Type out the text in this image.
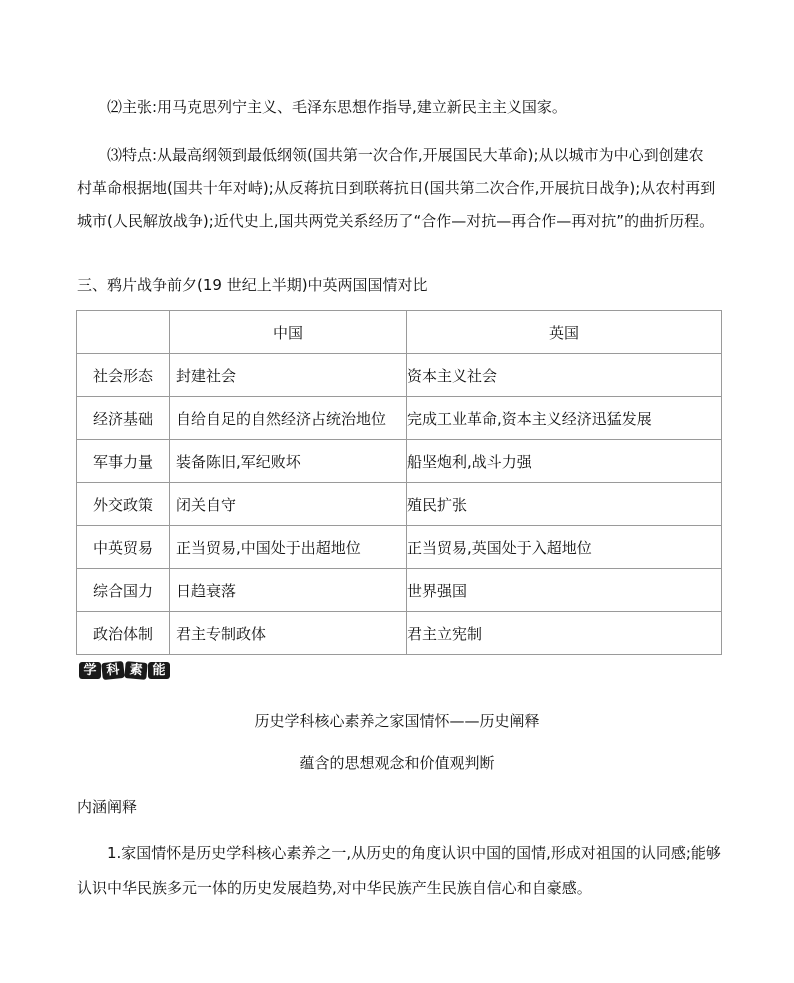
⑵主张:用马克思列宁主义、毛泽东思想作指导,建立新民主主义国家。

⑶特点:从最高纲领到最低纲领(国共第一次合作,开展国民大革命);从以城市为中心到创建农村革命根据地(国共十年对峙);从反蒋抗日到联蒋抗日(国共第二次合作,开展抗日战争);从农村再到城市(人民解放战争);近代史上,国共两党关系经历了“合作—对抗—再合作—再对抗”的曲折历程。

三、鸦片战争前夕(19 世纪上半期)中英两国国情对比

	中国	英国
社会形态	封建社会	资本主义社会
经济基础	自给自足的自然经济占统治地位	完成工业革命,资本主义经济迅猛发展
军事力量	装备陈旧,军纪败坏	船坚炮利,战斗力强
外交政策	闭关自守	殖民扩张
中英贸易	正当贸易,中国处于出超地位	正当贸易,英国处于入超地位
综合国力	日趋衰落	世界强国
政治体制	君主专制政体	君主立宪制
学 科 素 能

历史学科核心素养之家国情怀——历史阐释

蕴含的思想观念和价值观判断

内涵阐释

1.家国情怀是历史学科核心素养之一,从历史的角度认识中国的国情,形成对祖国的认同感;能够认识中华民族多元一体的历史发展趋势,对中华民族产生民族自信心和自豪感。
